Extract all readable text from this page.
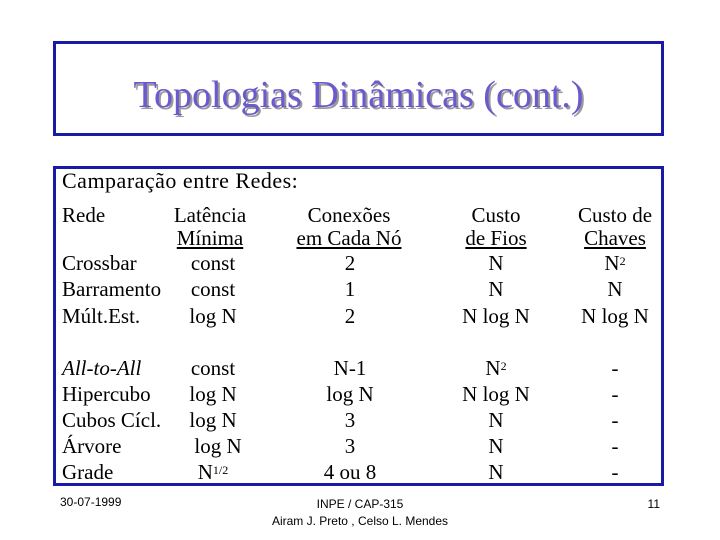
Topologias Dinâmicas (cont.)
Camparação entre Redes:
Rede	Latência
Mínima
Conexões
em Cada Nó
Custo
de Fios
Custo de
Chaves
Crossbar
Barramento
Múlt.Est.
const
const
log N
2
1
2
N
N
N log N
$N^2$
N
N log N
All-to-All
Hipercubo
Cubos Cícl.
Árvore
Grade
const
log N
log N
log N
$N^{1/2}$
N-1
log N
3
3
4 ou 8
$N^2$
N log N
N
N
N
-
-
-
-
-
30-07-1999	INPE / CAP-315
Airam J. Preto , Celso L. Mendes
11
